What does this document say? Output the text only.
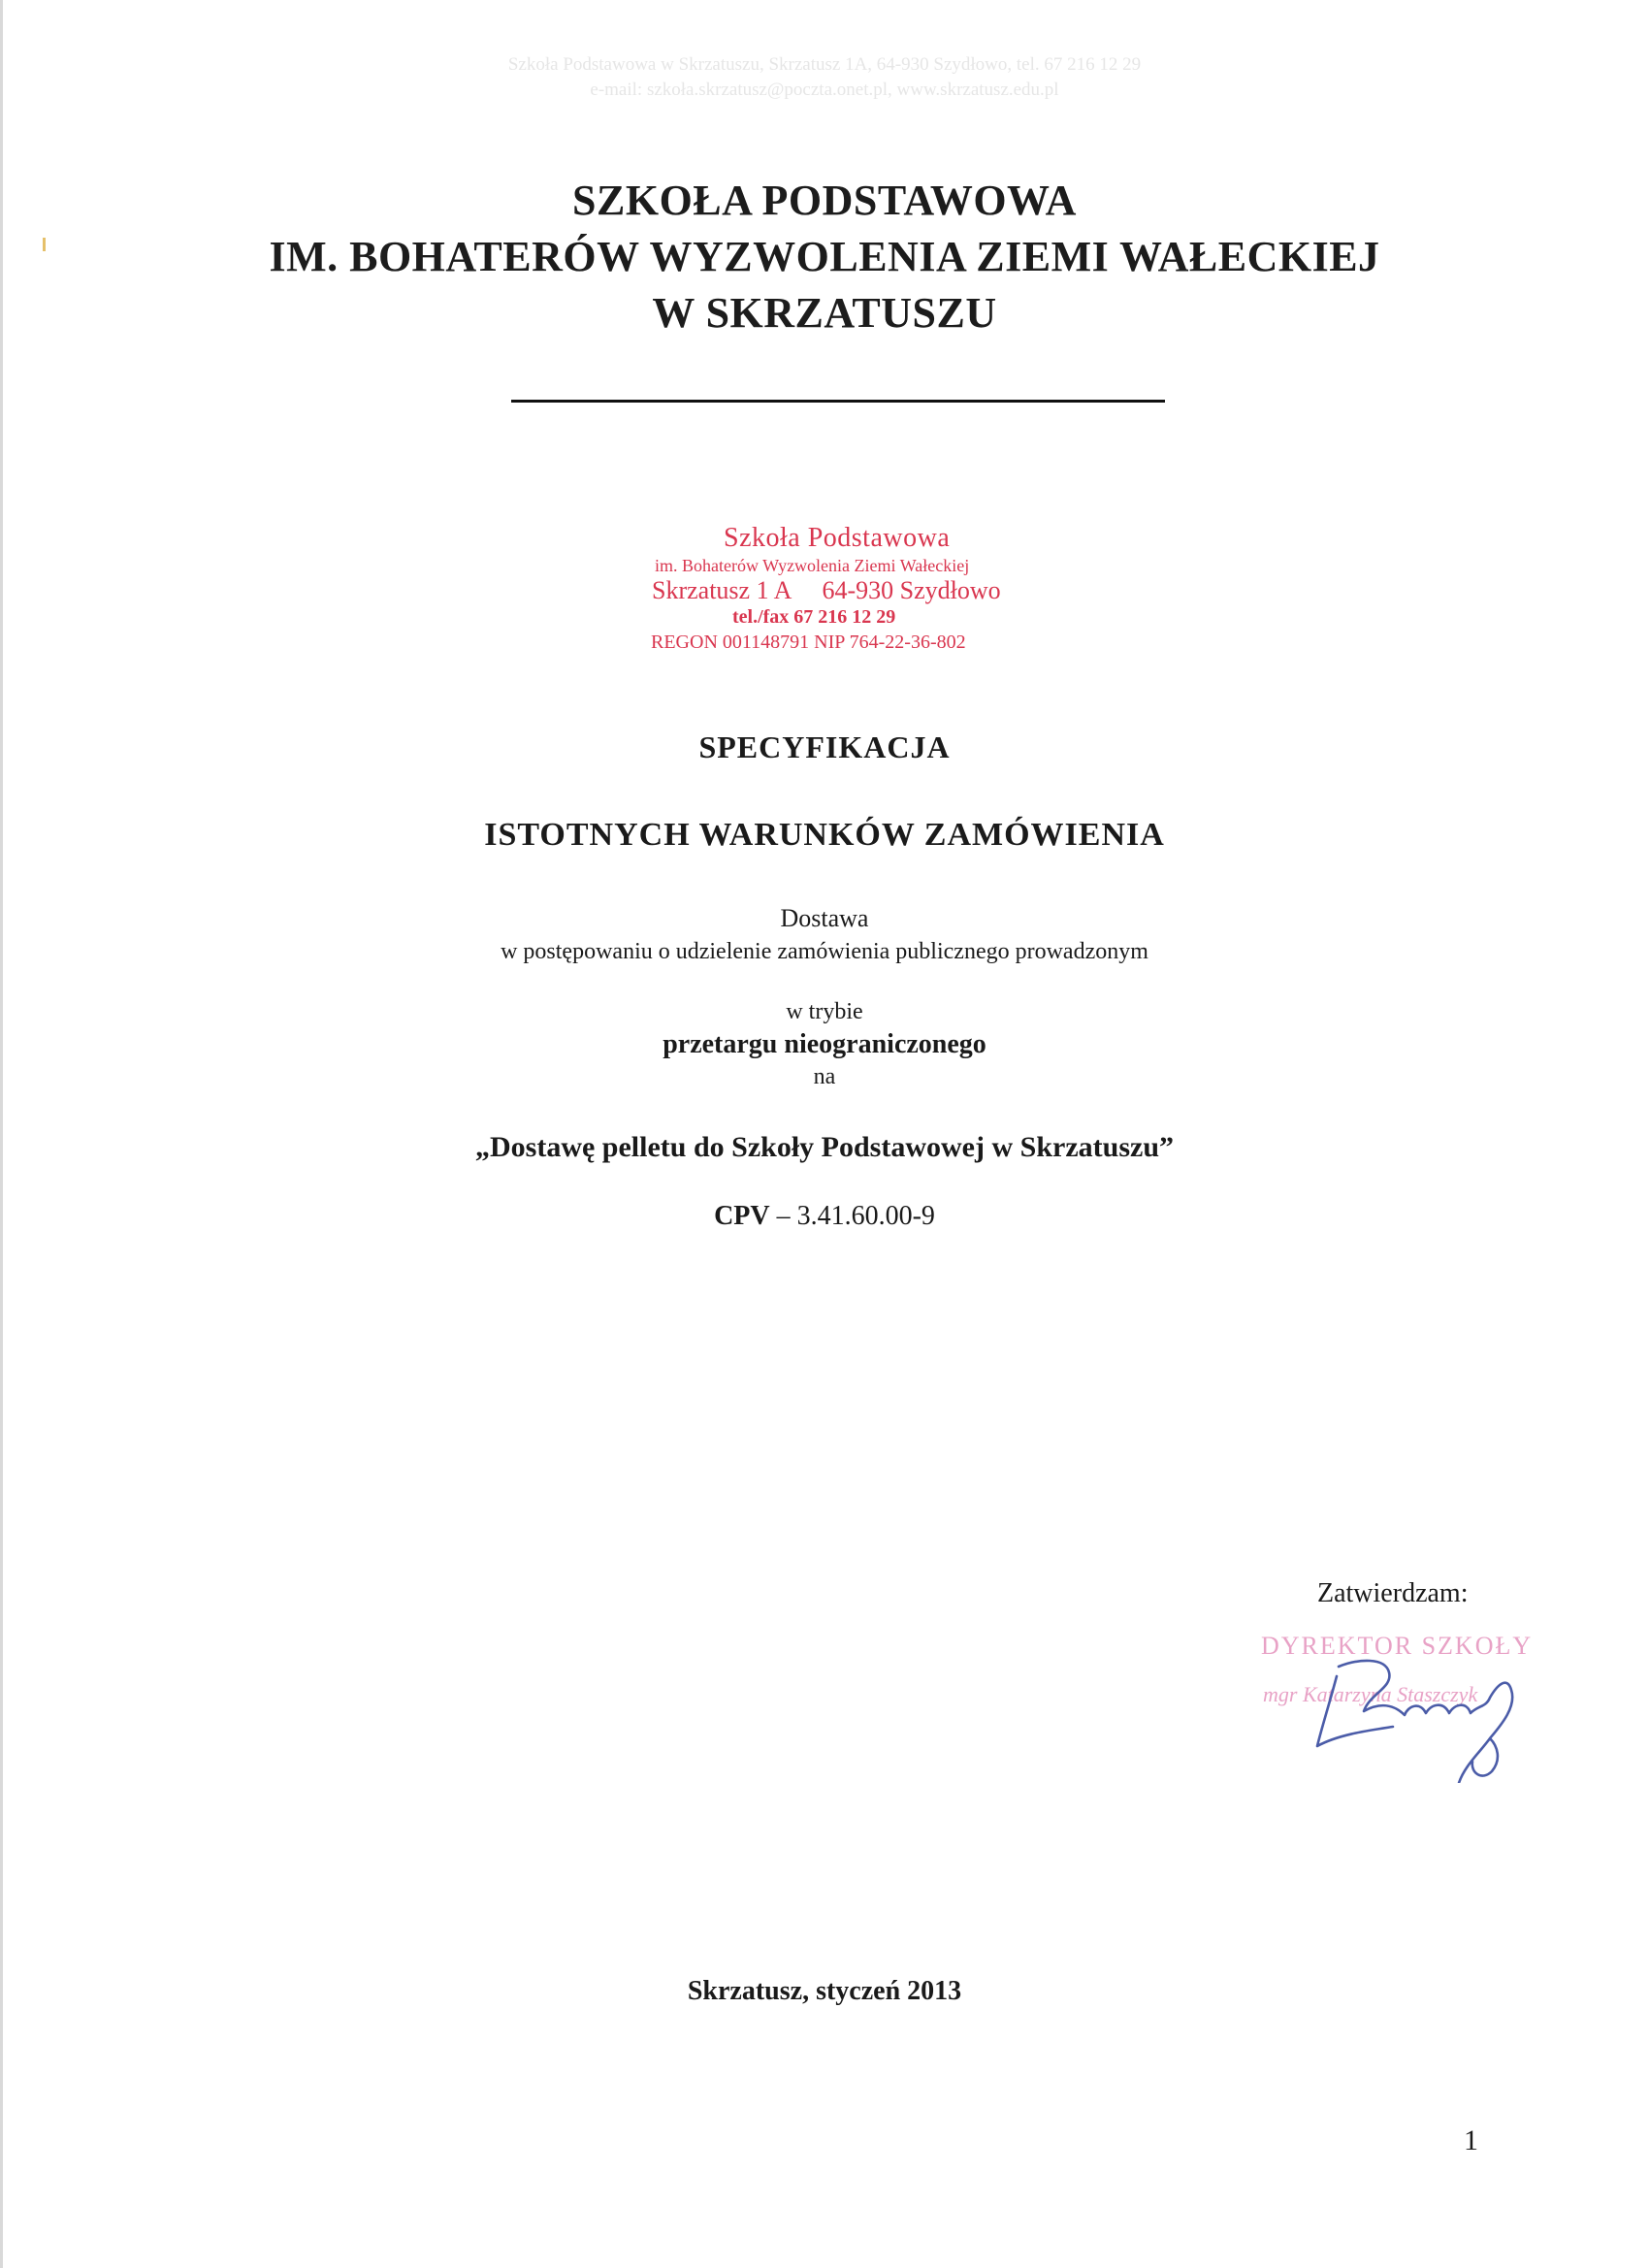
Szkoła Podstawowa w Skrzatuszu, Skrzatusz 1A, 64-930 Szydłowo, tel. 67 216 12 29
e-mail: szkoła.skrzatusz@poczta.onet.pl, www.skrzatusz.edu.pl
SZKOŁA PODSTAWOWA
IM. BOHATERÓW WYZWOLENIA ZIEMI WAŁECKIEJ
W SKRZATUSZU
Szkoła Podstawowa
im. Bohaterów Wyzwolenia Ziemi Wałeckiej
Skrzatusz 1 A     64-930 Szydłowo
tel./fax 67 216 12 29
REGON 001148791 NIP 764-22-36-802
SPECYFIKACJA
ISTOTNYCH WARUNKÓW ZAMÓWIENIA
Dostawa
w postępowaniu o udzielenie zamówienia publicznego prowadzonym
w trybie
przetargu nieograniczonego
na
„Dostawę pelletu do Szkoły Podstawowej w Skrzatuszu”
CPV – 3.41.60.00-9
Zatwierdzam:
DYREKTOR SZKOŁY
mgr Katarzyna Staszczyk
Skrzatusz, styczeń 2013
1
